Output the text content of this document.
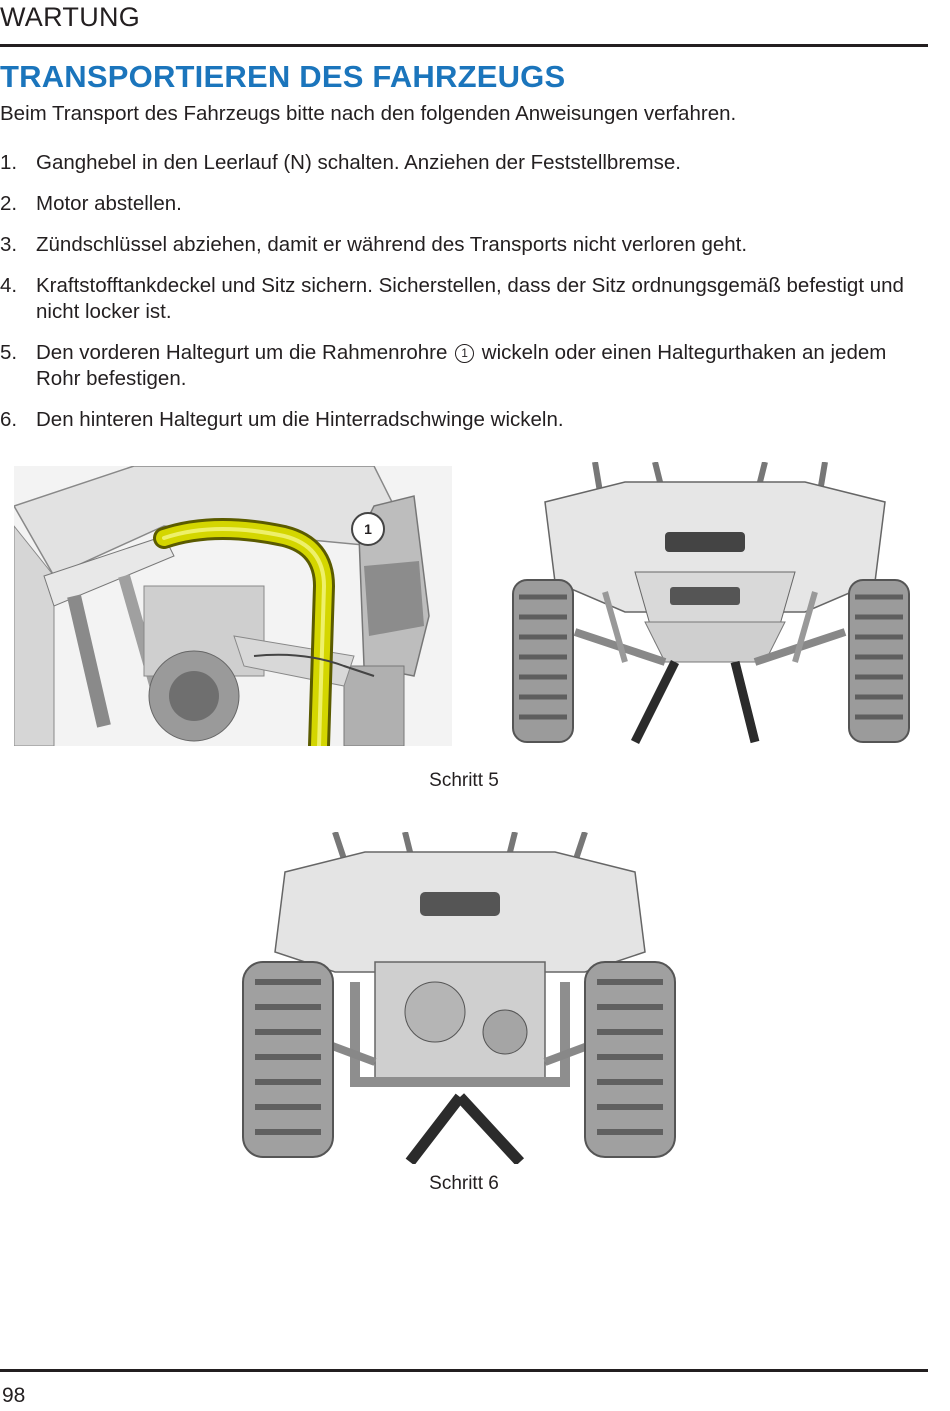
WARTUNG
TRANSPORTIEREN DES FAHRZEUGS
Beim Transport des Fahrzeugs bitte nach den folgenden Anweisungen verfahren.
1. Ganghebel in den Leerlauf (N) schalten. Anziehen der Feststellbremse.
2. Motor abstellen.
3. Zündschlüssel abziehen, damit er während des Transports nicht verloren geht.
4. Kraftstofftankdeckel und Sitz sichern. Sicherstellen, dass der Sitz ordnungsgemäß befestigt und nicht locker ist.
5. Den vorderen Haltegurt um die Rahmenrohre 1 wickeln oder einen Haltegurthaken an jedem Rohr befestigen.
6. Den hinteren Haltegurt um die Hinterradschwinge wickeln.
1
Schritt 5
Schritt 6
98
